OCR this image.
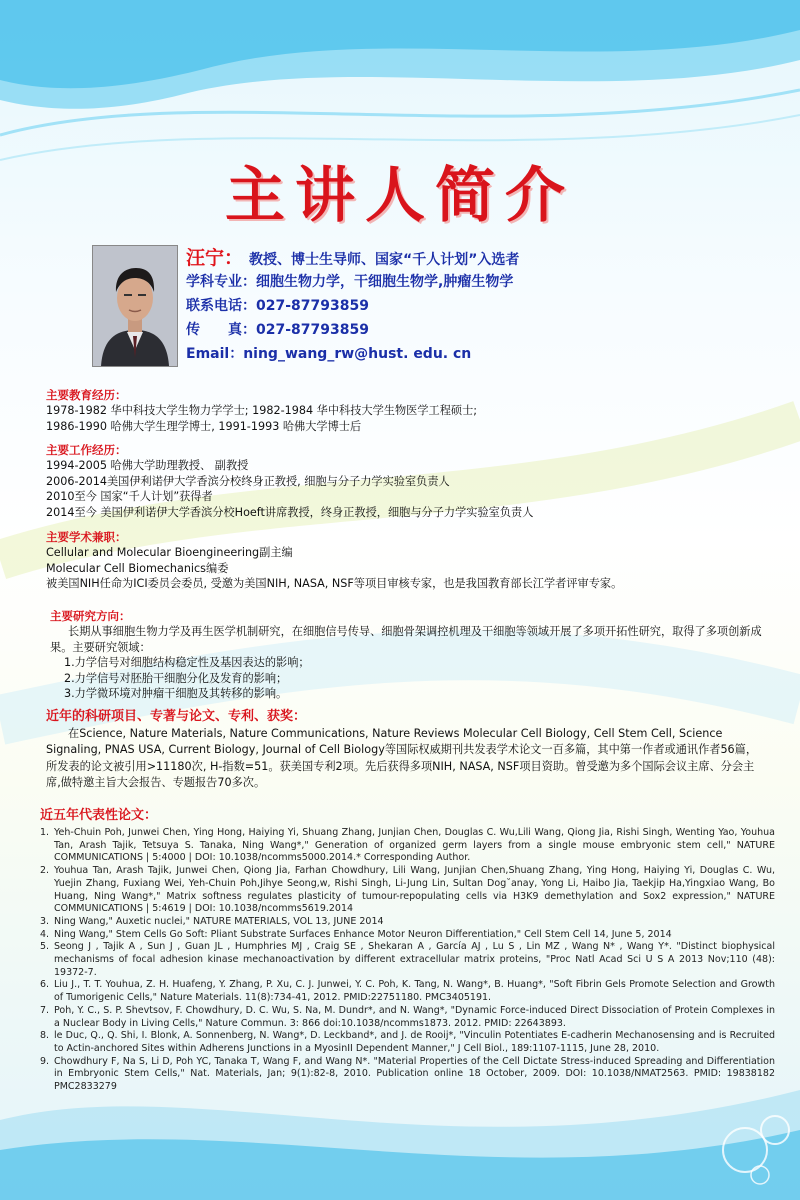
主讲人简介
汪宁： 教授、博士生导师、国家“千人计划”入选者
学科专业：细胞生物力学，干细胞生物学,肿瘤生物学
联系电话：027-87793859
传　　真：027-87793859
Email：ning_wang_rw@hust. edu. cn
主要教育经历：
1978-1982 华中科技大学生物力学学士; 1982-1984 华中科技大学生物医学工程硕士;
1986-1990 哈佛大学生理学博士, 1991-1993 哈佛大学博士后
主要工作经历：
1994-2005 哈佛大学助理教授、 副教授
2006-2014美国伊利诺伊大学香滨分校终身正教授, 细胞与分子力学实验室负责人
2010至今 国家“千人计划”获得者
2014至今 美国伊利诺伊大学香滨分校Hoeft讲席教授，终身正教授，细胞与分子力学实验室负责人
主要学术兼职：
Cellular and Molecular Bioengineering副主编
Molecular Cell Biomechanics编委
被美国NIH任命为ICI委员会委员, 受邀为美国NIH, NASA, NSF等项目审核专家，也是我国教育部长江学者评审专家。
主要研究方向：
长期从事细胞生物力学及再生医学机制研究，在细胞信号传导、细胞骨架调控机理及干细胞等领域开展了多项开拓性研究，取得了多项创新成果。主要研究领域：
1.力学信号对细胞结构稳定性及基因表达的影响；
2.力学信号对胚胎干细胞分化及发育的影响；
3.力学微环境对肿瘤干细胞及其转移的影响。
近年的科研项目、专著与论文、专利、获奖：
在Science, Nature Materials, Nature Communications, Nature Reviews Molecular Cell Biology, Cell Stem Cell, Science Signaling, PNAS USA, Current Biology, Journal of Cell Biology等国际权威期刊共发表学术论文一百多篇，其中第一作者或通讯作者56篇，所发表的论文被引用>11180次, H-指数=51。获美国专利2项。先后获得多项NIH, NASA, NSF项目资助。曾受邀为多个国际会议主席、分会主席,做特邀主旨大会报告、专题报告70多次。
近五年代表性论文：
1. Yeh-Chuin Poh, Junwei Chen, Ying Hong, Haiying Yi, Shuang Zhang, Junjian Chen, Douglas C. Wu,Lili Wang, Qiong Jia, Rishi Singh, Wenting Yao, Youhua Tan, Arash Tajik, Tetsuya S. Tanaka, Ning Wang*," Generation of organized germ layers from a single mouse embryonic stem cell," NATURE COMMUNICATIONS | 5:4000 | DOI: 10.1038/ncomms5000.2014.* Corresponding Author.
2. Youhua Tan, Arash Tajik, Junwei Chen, Qiong Jia, Farhan Chowdhury, Lili Wang, Junjian Chen,Shuang Zhang, Ying Hong, Haiying Yi, Douglas C. Wu, Yuejin Zhang, Fuxiang Wei, Yeh-Chuin Poh,Jihye Seong,w, Rishi Singh, Li-Jung Lin, Sultan Dog˘anay, Yong Li, Haibo Jia, Taekjip Ha,Yingxiao Wang, Bo Huang, Ning Wang*," Matrix softness regulates plasticity of tumour-repopulating cells via H3K9 demethylation and Sox2 expression," NATURE COMMUNICATIONS | 5:4619 | DOI: 10.1038/ncomms5619.2014
3. Ning Wang," Auxetic nuclei," NATURE MATERIALS, VOL 13, JUNE 2014
4. Ning Wang," Stem Cells Go Soft: Pliant Substrate Surfaces Enhance Motor Neuron Differentiation," Cell Stem Cell 14, June 5, 2014
5. Seong J , Tajik A , Sun J , Guan JL , Humphries MJ , Craig SE , Shekaran A , García AJ , Lu S , Lin MZ , Wang N* , Wang Y*. "Distinct biophysical mechanisms of focal adhesion kinase mechanoactivation by different extracellular matrix proteins, "Proc Natl Acad Sci U S A 2013 Nov;110 (48): 19372-7.
6. Liu J., T. T. Youhua, Z. H. Huafeng, Y. Zhang, P. Xu, C. J. Junwei, Y. C. Poh, K. Tang, N. Wang*, B. Huang*, "Soft Fibrin Gels Promote Selection and Growth of Tumorigenic Cells," Nature Materials. 11(8):734-41, 2012. PMID:22751180. PMC3405191.
7. Poh, Y. C., S. P. Shevtsov, F. Chowdhury, D. C. Wu, S. Na, M. Dundr*, and N. Wang*, "Dynamic Force-induced Direct Dissociation of Protein Complexes in a Nuclear Body in Living Cells," Nature Commun. 3: 866 doi:10.1038/ncomms1873. 2012. PMID: 22643893.
8. le Duc, Q., Q. Shi, I. Blonk, A. Sonnenberg, N. Wang*, D. Leckband*, and J. de Rooij*, "Vinculin Potentiates E-cadherin Mechanosensing and is Recruited to Actin-anchored Sites within Adherens Junctions in a MyosinII Dependent Manner," J Cell Biol., 189:1107-1115, June 28, 2010.
9. Chowdhury F, Na S, Li D, Poh YC, Tanaka T, Wang F, and Wang N*. "Material Properties of the Cell Dictate Stress-induced Spreading and Differentiation in Embryonic Stem Cells," Nat. Materials, Jan; 9(1):82-8, 2010. Publication online 18 October, 2009. DOI: 10.1038/NMAT2563. PMID: 19838182 PMC2833279
